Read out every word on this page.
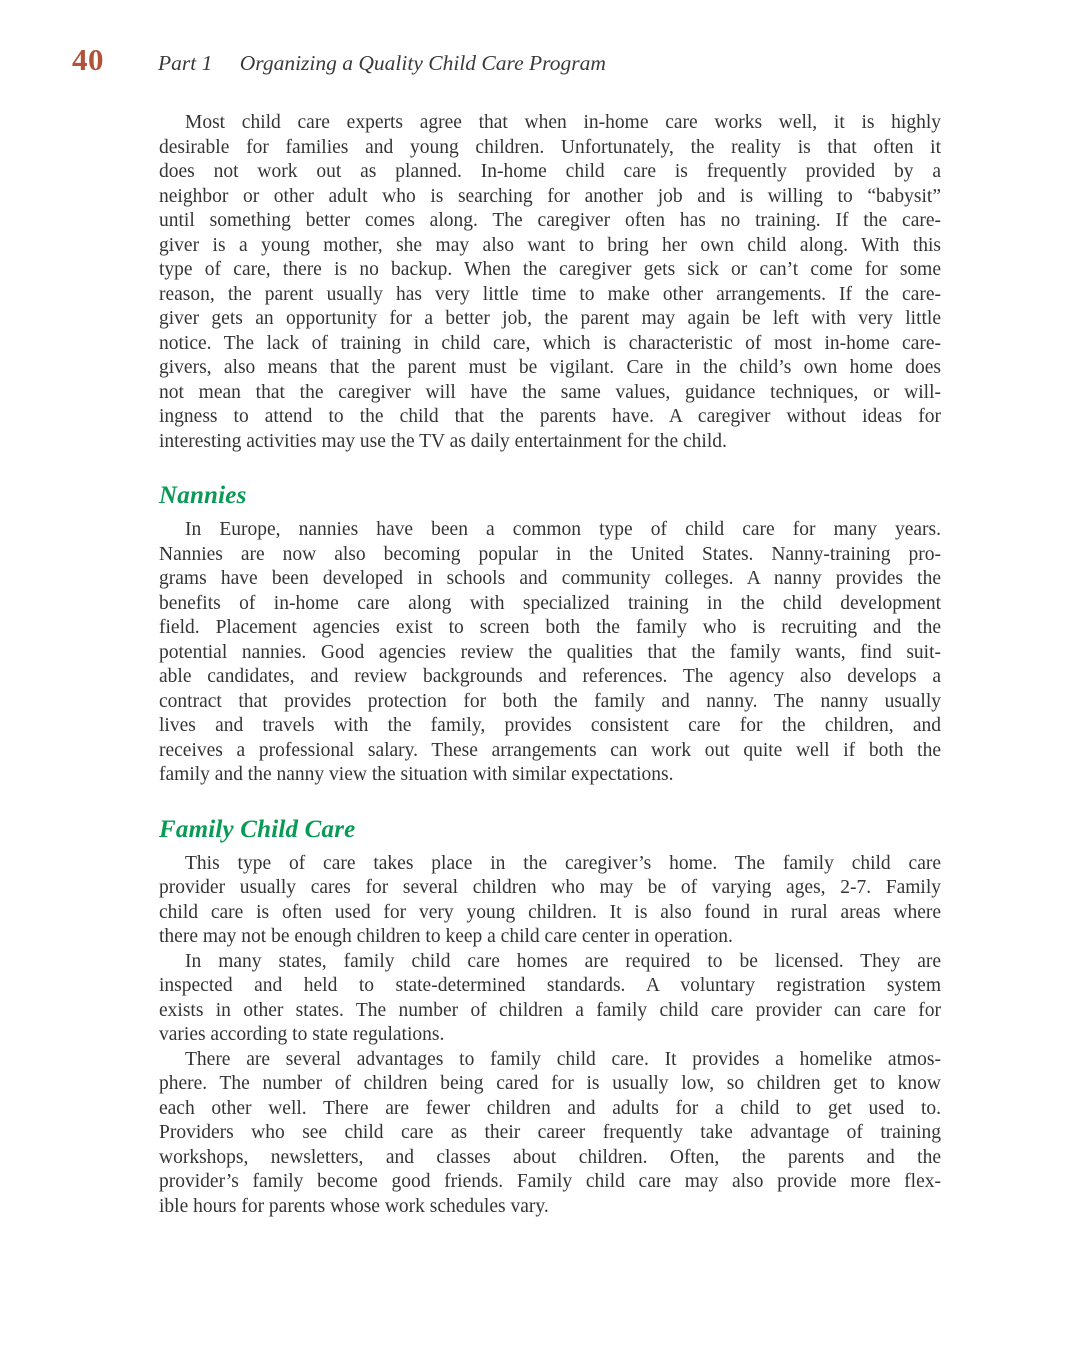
40	Part 1 Organizing a Quality Child Care Program
Most child care experts agree that when in-home care works well, it is highly
desirable for families and young children. Unfortunately, the reality is that often it
does not work out as planned. In-home child care is frequently provided by a
neighbor or other adult who is searching for another job and is willing to “babysit”
until something better comes along. The caregiver often has no training. If the care-
giver is a young mother, she may also want to bring her own child along. With this
type of care, there is no backup. When the caregiver gets sick or can’t come for some
reason, the parent usually has very little time to make other arrangements. If the care-
giver gets an opportunity for a better job, the parent may again be left with very little
notice. The lack of training in child care, which is characteristic of most in-home care-
givers, also means that the parent must be vigilant. Care in the child’s own home does
not mean that the caregiver will have the same values, guidance techniques, or will-
ingness to attend to the child that the parents have. A caregiver without ideas for
interesting activities may use the TV as daily entertainment for the child.
Nannies
In Europe, nannies have been a common type of child care for many years.
Nannies are now also becoming popular in the United States. Nanny-training pro-
grams have been developed in schools and community colleges. A nanny provides the
benefits of in-home care along with specialized training in the child development
field. Placement agencies exist to screen both the family who is recruiting and the
potential nannies. Good agencies review the qualities that the family wants, find suit-
able candidates, and review backgrounds and references. The agency also develops a
contract that provides protection for both the family and nanny. The nanny usually
lives and travels with the family, provides consistent care for the children, and
receives a professional salary. These arrangements can work out quite well if both the
family and the nanny view the situation with similar expectations.
Family Child Care
This type of care takes place in the caregiver’s home. The family child care
provider usually cares for several children who may be of varying ages, 2-7. Family
child care is often used for very young children. It is also found in rural areas where
there may not be enough children to keep a child care center in operation.
In many states, family child care homes are required to be licensed. They are
inspected and held to state-determined standards. A voluntary registration system
exists in other states. The number of children a family child care provider can care for
varies according to state regulations.
There are several advantages to family child care. It provides a homelike atmos-
phere. The number of children being cared for is usually low, so children get to know
each other well. There are fewer children and adults for a child to get used to.
Providers who see child care as their career frequently take advantage of training
workshops, newsletters, and classes about children. Often, the parents and the
provider’s family become good friends. Family child care may also provide more flex-
ible hours for parents whose work schedules vary.
